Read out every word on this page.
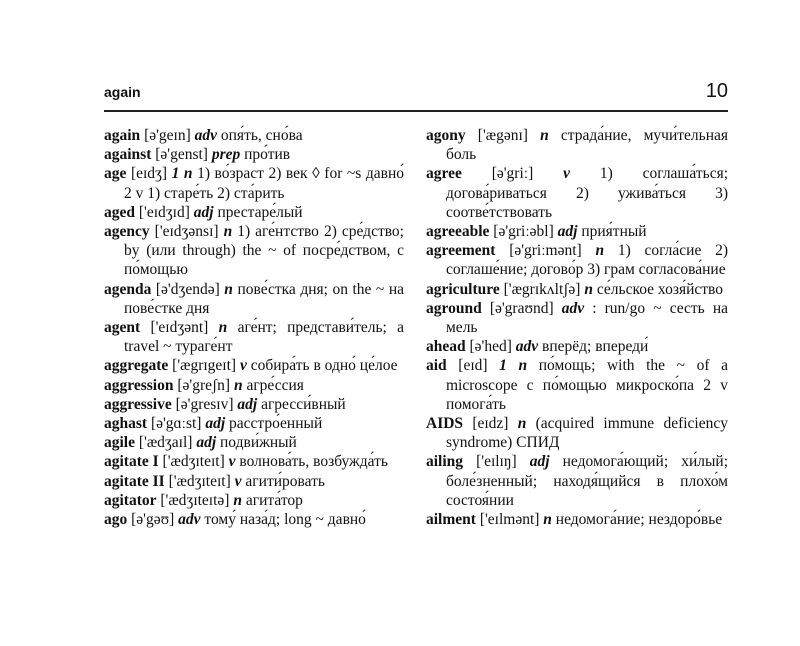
again	10
again [ə'geɪn] adv опя́ть, сно́ва
against [ə'genst] prep про́тив
age [eɪdʒ] 1 n 1) во́зраст 2) век ◊ for ~s давно́ 2 v 1) старе́ть 2) ста́рить
aged ['eɪdʒɪd] adj престаре́лый
agency ['eɪdʒənsɪ] n 1) аге́нтство 2) сре́дство; by (или through) the ~ of посре́дством, с по́мощью
agenda [ə'dʒendə] n пове́стка дня; on the ~ на пове́стке дня
agent ['eɪdʒənt] n аге́нт; представи́тель; a travel ~ тураге́нт
aggregate ['ægrɪgeɪt] v собира́ть в одно́ це́лое
aggression [ə'greʃn] n агре́ссия
aggressive [ə'gresɪv] adj агресси́вный
aghast [ə'gɑːst] adj расстро́енный
agile ['ædʒaɪl] adj подви́жный
agitate I ['ædʒɪteɪt] v волнова́ть, возбужда́ть
agitate II ['ædʒɪteɪt] v агити́ровать
agitator ['ædʒɪteɪtə] n агита́тор
ago [ə'gəʊ] adv тому́ наза́д; long ~ давно́
agony ['ægənɪ] n страда́ние, мучи́тельная боль
agree [ə'griː] v 1) соглаша́ться; догова́риваться 2) ужива́ться 3) соотве́тствовать
agreeable [ə'griːəbl] adj прия́тный
agreement [ə'griːmənt] n 1) согла́сие 2) соглаше́ние; догово́р 3) грам согласова́ние
agriculture ['ægrɪkʌltʃə] n се́льское хозя́йство
aground [ə'graʊnd] adv : run/go ~ сесть на мель
ahead [ə'hed] adv вперёд; впереди́
aid [eɪd] 1 n по́мощь; with the ~ of a microscope с по́мощью микроско́па 2 v помога́ть
AIDS [eɪdz] n (acquired immune deficiency syndrome) СПИД
ailing ['eɪlɪŋ] adj недомога́ющий; хи́лый; боле́зненный; находя́щийся в плохо́м состоя́нии
ailment ['eɪlmənt] n недомога́ние; нездоро́вье
